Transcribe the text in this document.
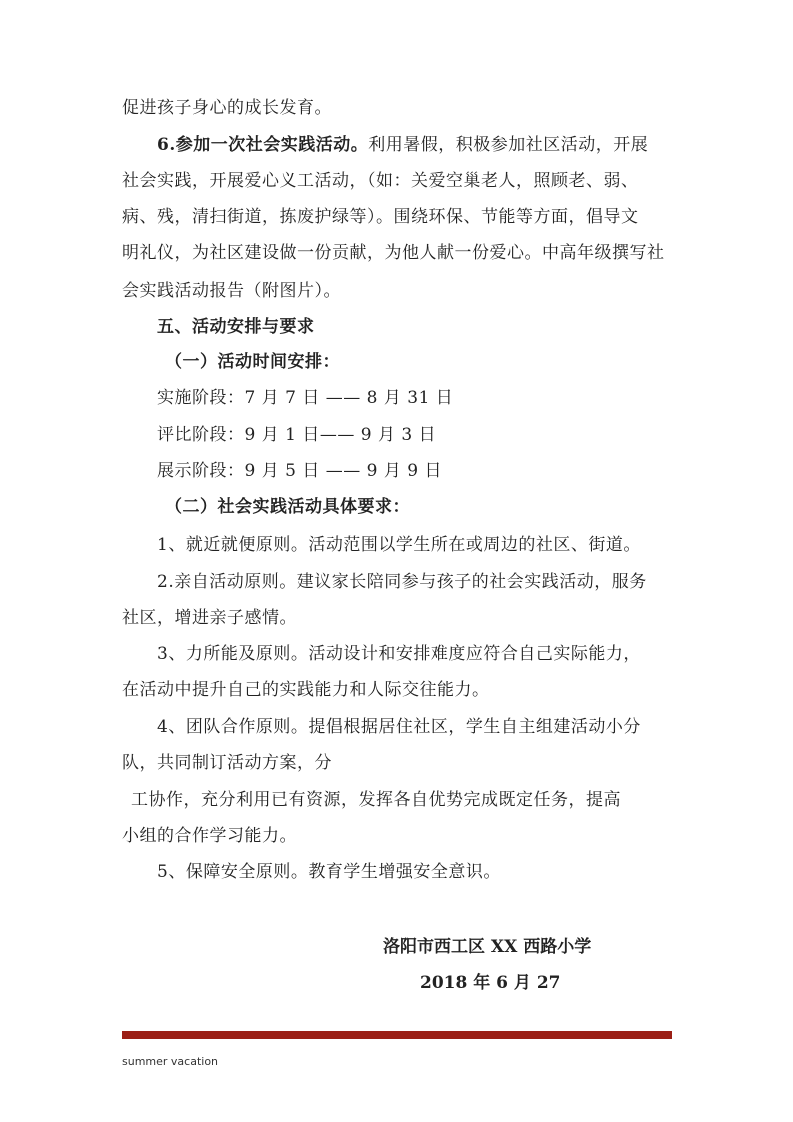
促进孩子身心的成长发育。
6.参加一次社会实践活动。利用暑假，积极参加社区活动，开展
社会实践，开展爱心义工活动，（如：关爱空巢老人，照顾老、弱、
病、残，清扫街道，拣废护绿等）。围绕环保、节能等方面，倡导文
明礼仪，为社区建设做一份贡献，为他人献一份爱心。中高年级撰写社
会实践活动报告（附图片）。
五、活动安排与要求
（一）活动时间安排：
实施阶段：7 月 7 日 —— 8 月 31 日
评比阶段：9 月 1 日—— 9 月 3 日
展示阶段：9 月 5 日 —— 9 月 9 日
（二）社会实践活动具体要求：
1、就近就便原则。活动范围以学生所在或周边的社区、街道。
2.亲自活动原则。建议家长陪同参与孩子的社会实践活动，服务
社区，增进亲子感情。
3、力所能及原则。活动设计和安排难度应符合自己实际能力，
在活动中提升自己的实践能力和人际交往能力。
4、团队合作原则。提倡根据居住社区，学生自主组建活动小分
队，共同制订活动方案，分
工协作，充分利用已有资源，发挥各自优势完成既定任务，提高
小组的合作学习能力。
5、保障安全原则。教育学生增强安全意识。
洛阳市西工区 XX 西路小学
2018 年 6 月 27
summer vacation
